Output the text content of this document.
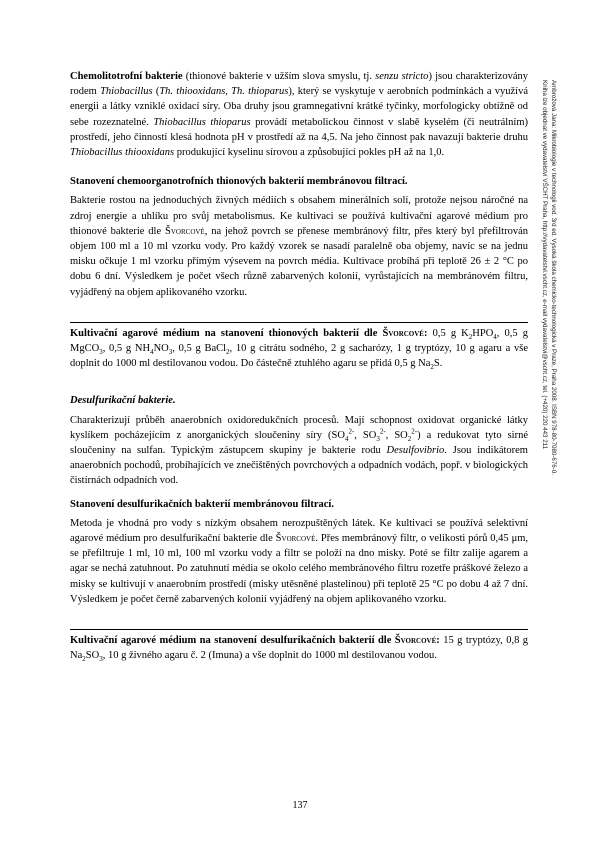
Chemolitotrofní bakterie (thionové bakterie v užším slova smyslu, tj. senzu stricto) jsou charakterizovány rodem Thiobacillus (Th. thiooxidans, Th. thioparus), který se vyskytuje v aerobních podmínkách a využívá energii a látky vzniklé oxidací síry. Oba druhy jsou gramnegativní krátké tyčinky, morfologicky obtížně od sebe rozeznatelné. Thiobacillus thioparus provádí metabolickou činnost v slabě kyselém (či neutrálním) prostředí, jeho činností klesá hodnota pH v prostředí až na 4,5. Na jeho činnost pak navazují bakterie druhu Thiobacillus thiooxidans produkující kyselinu sírovou a způsobující pokles pH až na 1,0.

Stanovení chemoorganotrofních thionových bakterií membránovou filtrací.

Bakterie rostou na jednoduchých živných médiích s obsahem minerálních solí, protože nejsou náročné na zdroj energie a uhlíku pro svůj metabolismus. Ke kultivaci se používá kultivační agarové médium pro thionové bakterie dle Švorcové, na jehož povrch se přenese membránový filtr, přes který byl přefiltrován objem 100 ml a 10 ml vzorku vody. Pro každý vzorek se nasadí paralelně oba objemy, navíc se na jednu misku očkuje 1 ml vzorku přímým výsevem na povrch média. Kultivace probíhá při teplotě 26 ± 2 °C po dobu 6 dní. Výsledkem je počet všech různě zabarvených kolonií, vyrůstajících na membránovém filtru, vyjádřený na objem aplikovaného vzorku.

Kultivační agarové médium na stanovení thionových bakterií dle Švorcové: 0,5 g $K_2HPO_4$, 0,5 g MgCO$_3$, 0,5 g $NH_4NO_3$, 0,5 g BaCl$_2$, 10 g citrátu sodného, 2 g sacharózy, 1 g tryptózy, 10 g agaru a vše doplnit do 1000 ml destilovanou vodou. Do částečně ztuhlého agaru se přidá 0,5 g $Na_2S$.

Desulfurikační bakterie.

Charakterizují průběh anaerobních oxidoredukčních procesů. Mají schopnost oxidovat organické látky kyslíkem pocházejícím z anorganických sloučeniny síry ($SO_4^{2-}$, $SO_3^{2-}$, $SO_2^{2-}$) a redukovat tyto sirné sloučeniny na sulfan. Typickým zástupcem skupiny je bakterie rodu Desulfovibrio. Jsou indikátorem anaerobních pochodů, probíhajících ve znečištěných povrchových a odpadních vodách, popř. v biologických čistírnách odpadních vod.

Stanovení desulfurikačních bakterií membránovou filtrací.

Metoda je vhodná pro vody s nízkým obsahem nerozpuštěných látek. Ke kultivaci se používá selektivní agarové médium pro desulfurikační bakterie dle Švorcové. Přes membránový filtr, o velikosti pórů 0,45 μm, se přefiltruje 1 ml, 10 ml, 100 ml vzorku vody a filtr se položí na dno misky. Poté se filtr zalije agarem a agar se nechá zatuhnout. Po zatuhnutí média se okolo celého membránového filtru rozetře práškové železo a misky se kultivují v anaerobním prostředí (misky utěsněné plastelinou) při teplotě 25 °C po dobu 4 až 7 dní. Výsledkem je počet černě zabarvených kolonií vyjádřený na objem aplikovaného vzorku.

Kultivační agarové médium na stanovení desulfurikačních bakterií dle Švorcové: 15 g tryptózy, 0,8 g $Na_2SO_3$, 10 g živného agaru č. 2 (Imuna) a vše doplnit do 1000 ml destilovanou vodou.

Ambrožová Jana: Mikrobiologie v technologii vod. 3rd ed. Vysoká škola chemicko-technologická v Praze, Praha 2008. ISBN 978-80-7080-676-0.
Kniha lze objednat ve vydavatelství VŠCHT Praha, http://vydavatelstvi.vscht.cz, e-mail vydavatelstvi@vscht.cz, tel. (+420) 220 443 211
137
